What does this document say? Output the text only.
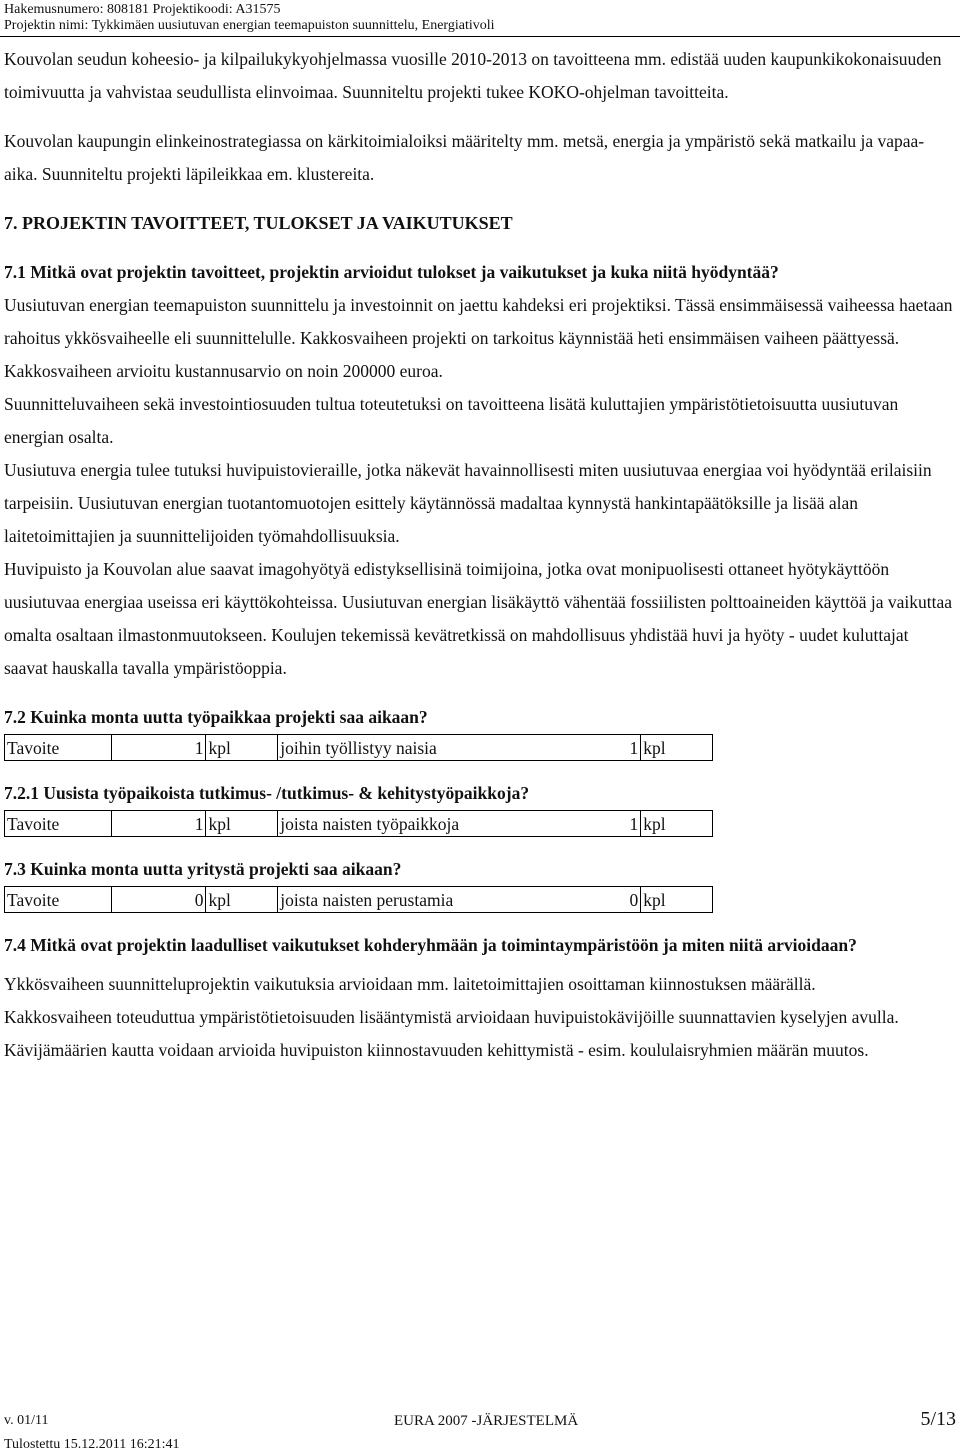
Hakemusnumero: 808181 Projektikoodi: A31575
Projektin nimi: Tykkimäen uusiutuvan energian teemapuiston suunnittelu, Energiativoli

Kouvolan seudun koheesio- ja kilpailukykyohjelmassa vuosille 2010-2013 on tavoitteena mm. edistää uuden kaupunkikokonaisuuden toimivuutta ja vahvistaa seudullista elinvoimaa. Suunniteltu projekti tukee KOKO-ohjelman tavoitteita.

Kouvolan kaupungin elinkeinostrategiassa on kärkitoimialoiksi määritelty mm. metsä, energia ja ympäristö sekä matkailu ja vapaa-aika. Suunniteltu projekti läpileikkaa em. klustereita.

7. PROJEKTIN TAVOITTEET, TULOKSET JA VAIKUTUKSET
7.1 Mitkä ovat projektin tavoitteet, projektin arvioidut tulokset ja vaikutukset ja kuka niitä hyödyntää?

Uusiutuvan energian teemapuiston suunnittelu ja investoinnit on jaettu kahdeksi eri projektiksi. Tässä ensimmäisessä vaiheessa haetaan rahoitus ykkösvaiheelle eli suunnittelulle. Kakkosvaiheen projekti on tarkoitus käynnistää heti ensimmäisen vaiheen päättyessä. Kakkosvaiheen arvioitu kustannusarvio on noin 200000 euroa.

Suunnitteluvaiheen sekä investointiosuuden tultua toteutetuksi on tavoitteena lisätä kuluttajien ympäristötietoisuutta uusiutuvan energian osalta.

Uusiutuva energia tulee tutuksi huvipuistovieraille, jotka näkevät havainnollisesti miten uusiutuvaa energiaa voi hyödyntää erilaisiin tarpeisiin. Uusiutuvan energian tuotantomuotojen esittely käytännössä madaltaa kynnystä hankintapäätöksille ja lisää alan laitetoimittajien ja suunnittelijoiden työmahdollisuuksia.

Huvipuisto ja Kouvolan alue saavat imagohyötyä edistyksellisinä toimijoina, jotka ovat monipuolisesti ottaneet hyötykäyttöön uusiutuvaa energiaa useissa eri käyttökohteissa. Uusiutuvan energian lisäkäyttö vähentää fossiilisten polttoaineiden käyttöä ja vaikuttaa omalta osaltaan ilmastonmuutokseen. Koulujen tekemissä kevätretkissä on mahdollisuus yhdistää huvi ja hyöty - uudet kuluttajat saavat hauskalla tavalla ympäristöoppia.

7.2 Kuinka monta uutta työpaikkaa projekti saa aikaan?
Tavoite	1 kpl	joihin työllistyy naisia	1 kpl
7.2.1 Uusista työpaikoista tutkimus- /tutkimus- & kehitystyöpaikkoja?
Tavoite	1 kpl	joista naisten työpaikkoja	1 kpl
7.3 Kuinka monta uutta yritystä projekti saa aikaan?
Tavoite	0 kpl	joista naisten perustamia	0 kpl
7.4 Mitkä ovat projektin laadulliset vaikutukset kohderyhmään ja toimintaympäristöön ja miten niitä arvioidaan?

Ykkösvaiheen suunnitteluprojektin vaikutuksia arvioidaan mm. laitetoimittajien osoittaman kiinnostuksen määrällä.

Kakkosvaiheen toteuduttua ympäristötietoisuuden lisääntymistä arvioidaan huvipuistokävijöille suunnattavien kyselyjen avulla. Kävijämäärien kautta voidaan arvioida huvipuiston kiinnostavuuden kehittymistä - esim. koululaisryhmien määrän muutos.

v. 01/11	EURA 2007 -JÄRJESTELMÄ	5/13
Tulostettu 15.12.2011 16:21:41
